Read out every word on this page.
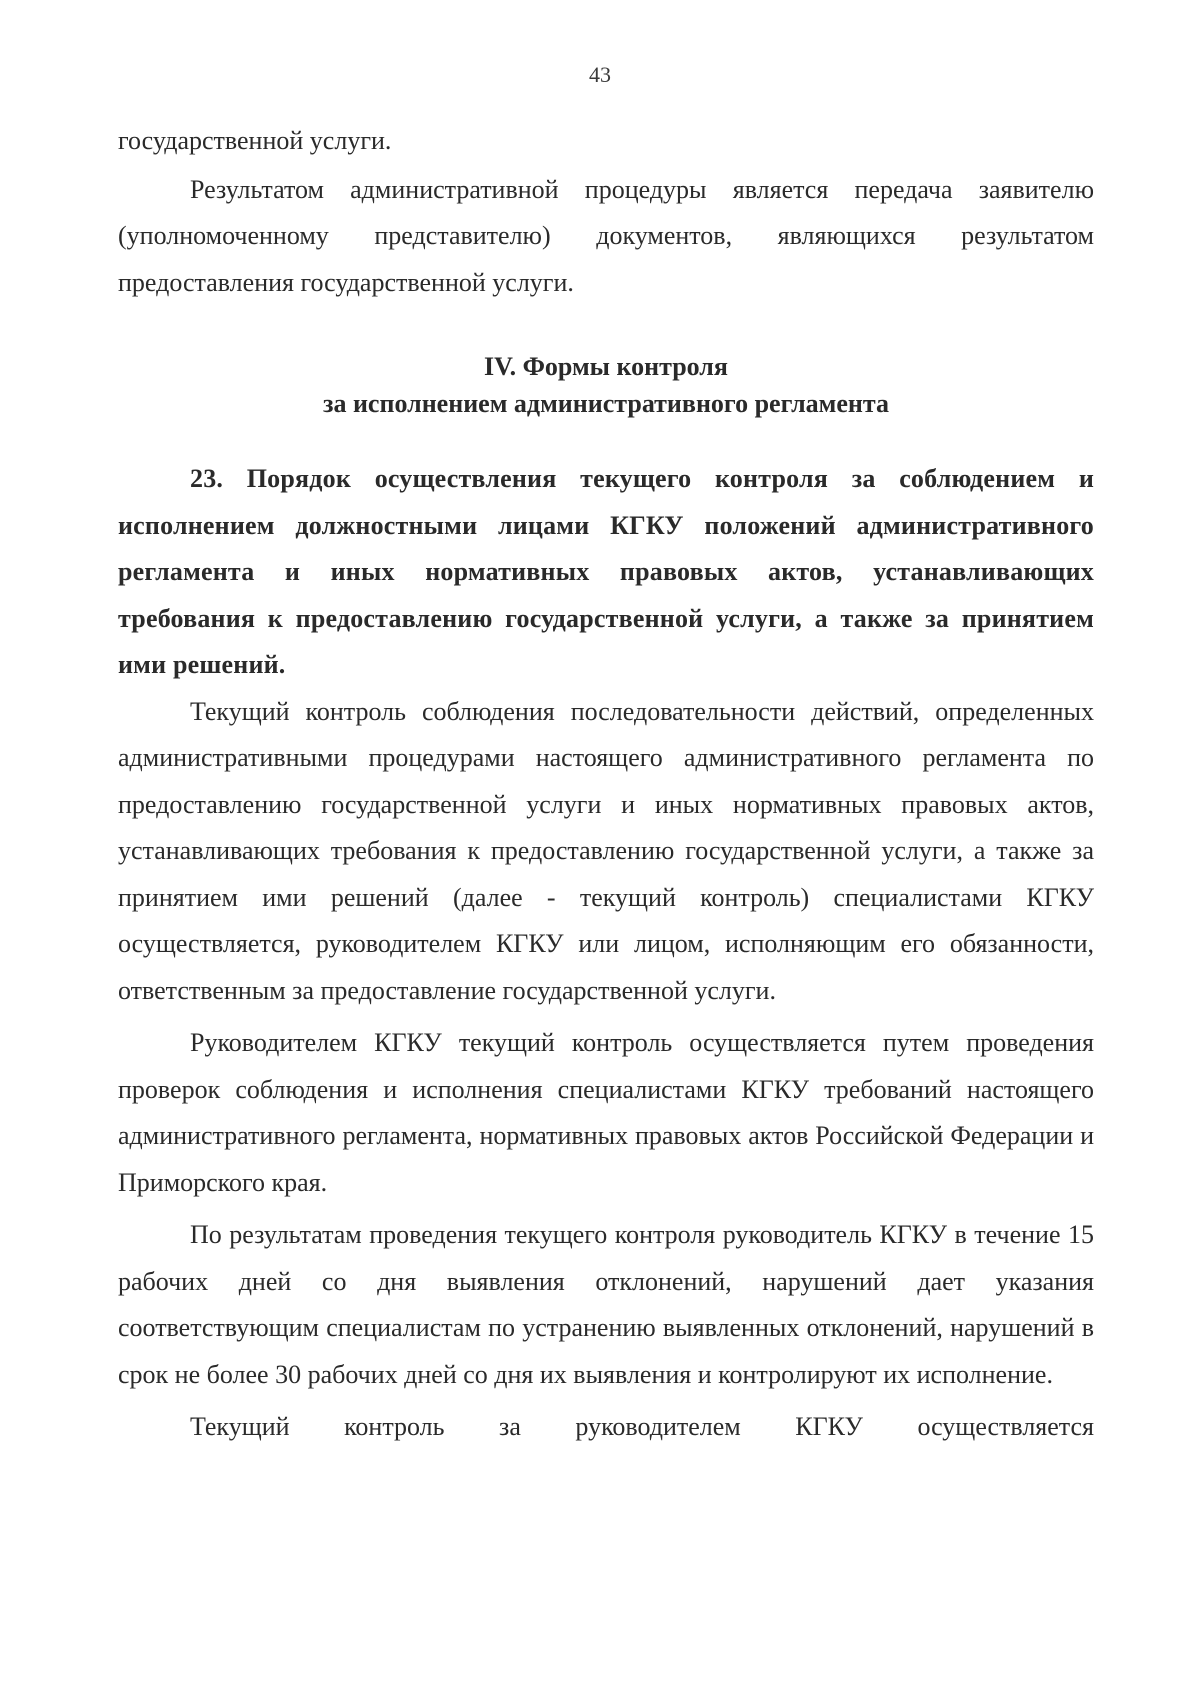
43

государственной услуги.

Результатом административной процедуры является передача заявителю (уполномоченному представителю) документов, являющихся результатом предоставления государственной услуги.

IV. Формы контроля
за исполнением административного регламента

23. Порядок осуществления текущего контроля за соблюдением и исполнением должностными лицами КГКУ положений административного регламента и иных нормативных правовых актов, устанавливающих требования к предоставлению государственной услуги, а также за принятием ими решений.

Текущий контроль соблюдения последовательности действий, определенных административными процедурами настоящего административного регламента по предоставлению государственной услуги и иных нормативных правовых актов, устанавливающих требования к предоставлению государственной услуги, а также за принятием ими решений (далее - текущий контроль) специалистами КГКУ осуществляется, руководителем КГКУ или лицом, исполняющим его обязанности, ответственным за предоставление государственной услуги.

Руководителем КГКУ текущий контроль осуществляется путем проведения проверок соблюдения и исполнения специалистами КГКУ требований настоящего административного регламента, нормативных правовых актов Российской Федерации и Приморского края.

По результатам проведения текущего контроля руководитель КГКУ в течение 15 рабочих дней со дня выявления отклонений, нарушений дает указания соответствующим специалистам по устранению выявленных отклонений, нарушений в срок не более 30 рабочих дней со дня их выявления и контролируют их исполнение.

Текущий контроль за руководителем КГКУ осуществляется
